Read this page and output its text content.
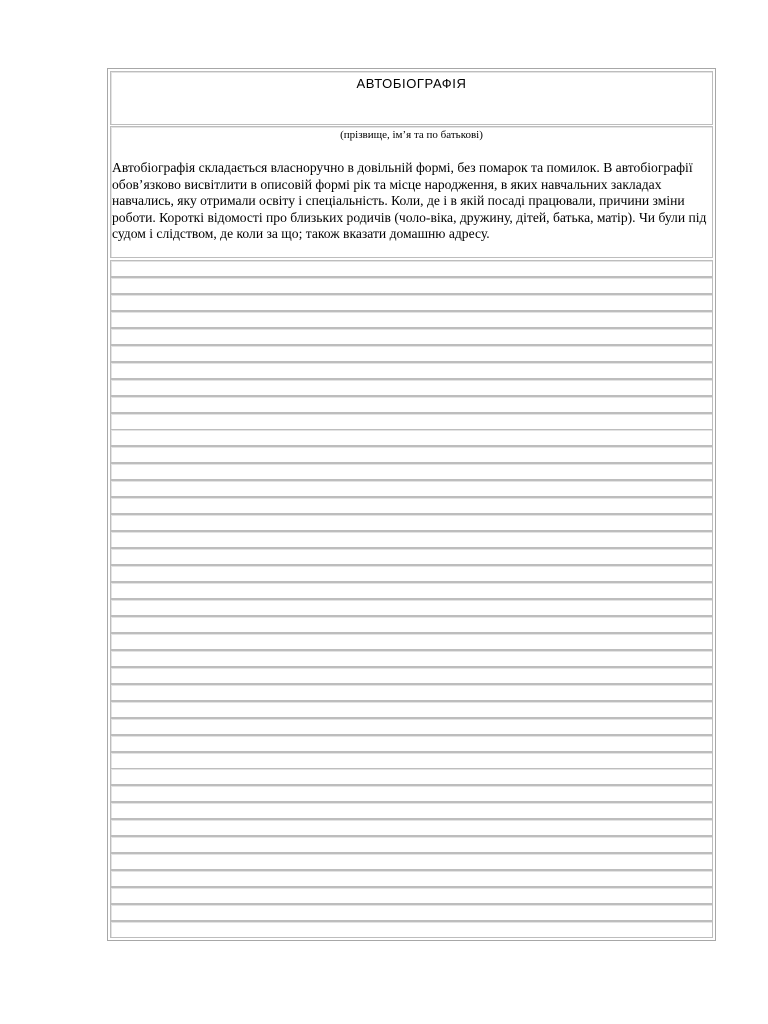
АВТОБІОГРАФІЯ
(прізвище, ім’я та по батькові)
Автобіографія складається власноручно в довільній формі, без помарок та помилок. В автобіографії обов’язково висвітлити в описовій формі рік та місце народження, в яких навчальних закладах навчались, яку отримали освіту і спеціальність. Коли, де і в якій посаді працювали, причини зміни роботи. Короткі відомості про близьких родичів (чоло-віка, дружину, дітей, батька, матір). Чи були під судом і слідством, де коли за що; також вказати домашню адресу.
